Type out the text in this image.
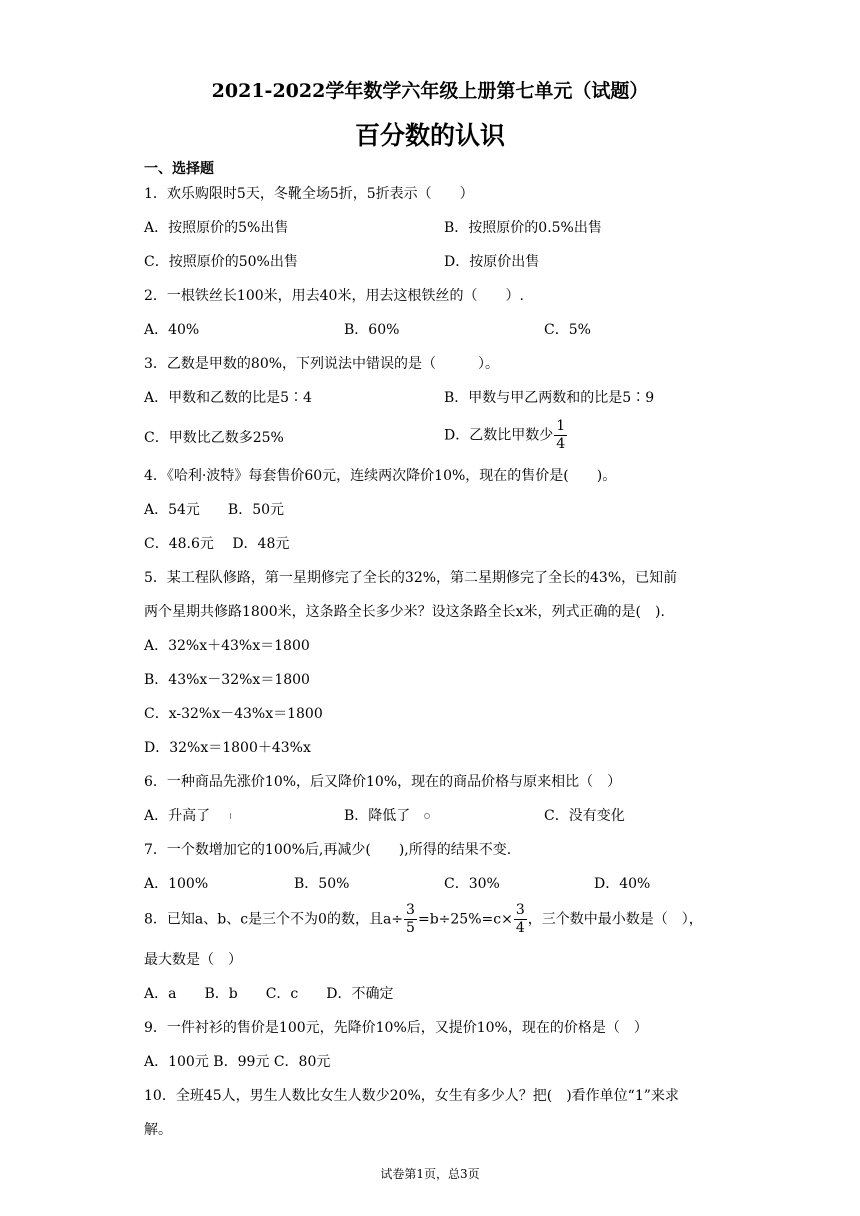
2021-2022学年数学六年级上册第七单元（试题）
百分数的认识
一、选择题
1．欢乐购限时5天，冬靴全场5折，5折表示（　　）
A．按照原价的5%出售	B．按照原价的0.5%出售
C．按照原价的50%出售	D．按原价出售
2．一根铁丝长100米，用去40米，用去这根铁丝的（　　）.
A．40%	B．60%	C．5%
3．乙数是甲数的80%，下列说法中错误的是（　　　）。
A．甲数和乙数的比是5∶4	B．甲数与甲乙两数和的比是5∶9
C．甲数比乙数多25%	D．乙数比甲数少 $\frac{1}{4}$
4．《哈利·波特》每套售价60元，连续两次降价10%，现在的售价是(　　)。
A．54元　　B．50元
C．48.6元　 D．48元
5．某工程队修路，第一星期修完了全长的32%，第二星期修完了全长的43%，已知前
两个星期共修路1800米，这条路全长多少米？设这条路全长x米，列式正确的是(　).
A．32%x＋43%x＝1800
B．43%x－32%x＝1800
C．x-32%x－43%x＝1800
D．32%x＝1800＋43%x
6．一种商品先涨价10%，后又降价10%，现在的商品价格与原来相比（　）
A．升高了	B．降低了	C．没有变化
7．一个数增加它的100%后,再减少(　　),所得的结果不变.
A．100%	B．50%	C．30%	D．40%
8．已知a、b、c是三个不为0的数，且$a\div \frac{3}{5} =b\div 25\%=c\times \frac{3}{4}$ ，三个数中最小数是（　），
最大数是（　）
A．a　　B．b　　C．c　　D．不确定
9．一件衬衫的售价是100元，先降价10%后，又提价10%，现在的价格是（　）
A．100元 B．99元 C．80元
10．全班45人，男生人数比女生人数少20%，女生有多少人？把(　)看作单位“1”来求
解。
试卷第1页，总3页
